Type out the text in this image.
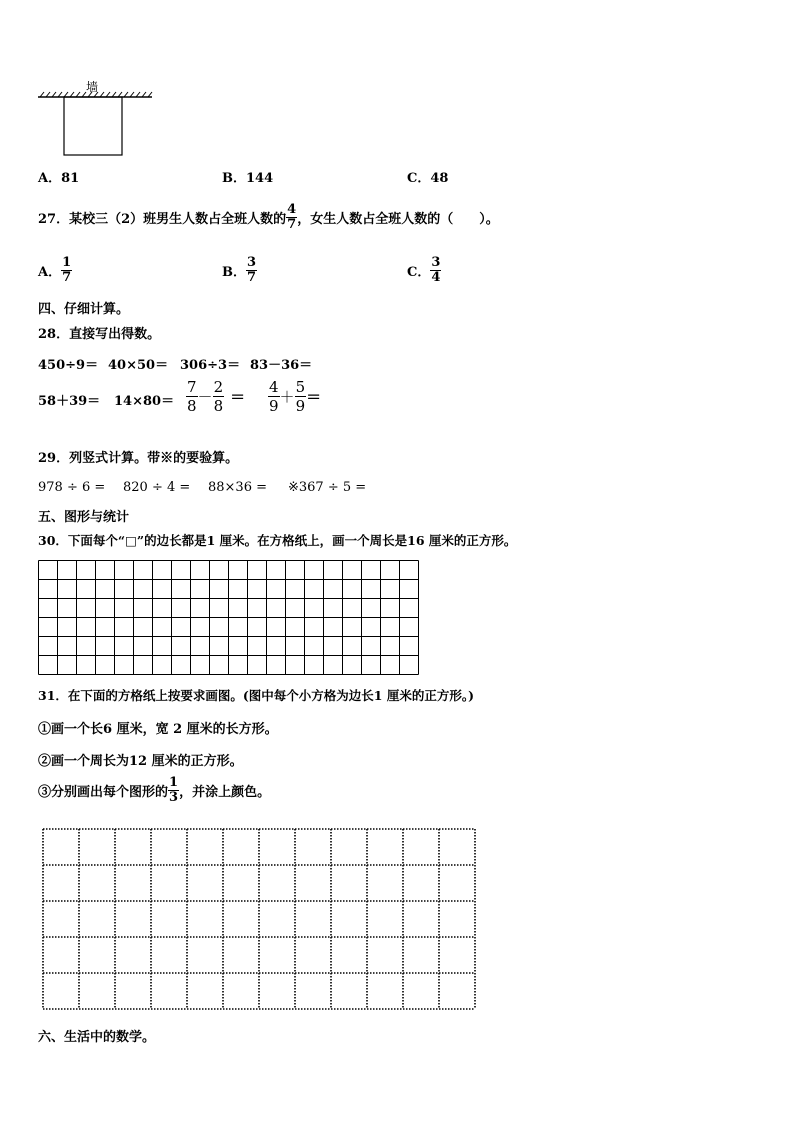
墙
A．81	B．144	C．48
27．某校三（2）班男生人数占全班人数的 $\frac{4}{7}$ ，女生人数占全班人数的（　　）。
A． $\frac{1}{7}$	B． $\frac{3}{7}$	C． $\frac{3}{4}$
四、仔细计算。
28．直接写出得数。
450÷9＝ 40×50＝ 306÷3＝ 83－36＝
$58+39= 14\times 80= \frac{7}{8} - \frac{2}{8} = \frac{4}{9} + \frac{5}{9}$ ＝
29．列竖式计算。带※的要验算。
978 ÷ 6 = 820 ÷ 4 = 88×36 = ※367 ÷ 5 =
五、图形与统计
30．下面每个“□”的边长都是1 厘米。在方格纸上，画一个周长是16 厘米的正方形。
31．在下面的方格纸上按要求画图。(图中每个小方格为边长1 厘米的正方形。)
①画一个长6 厘米，宽 2 厘米的长方形。
②画一个周长为12 厘米的正方形。
③分别画出每个图形的 $\frac{1}{3}$ ，并涂上颜色。
六、生活中的数学。
